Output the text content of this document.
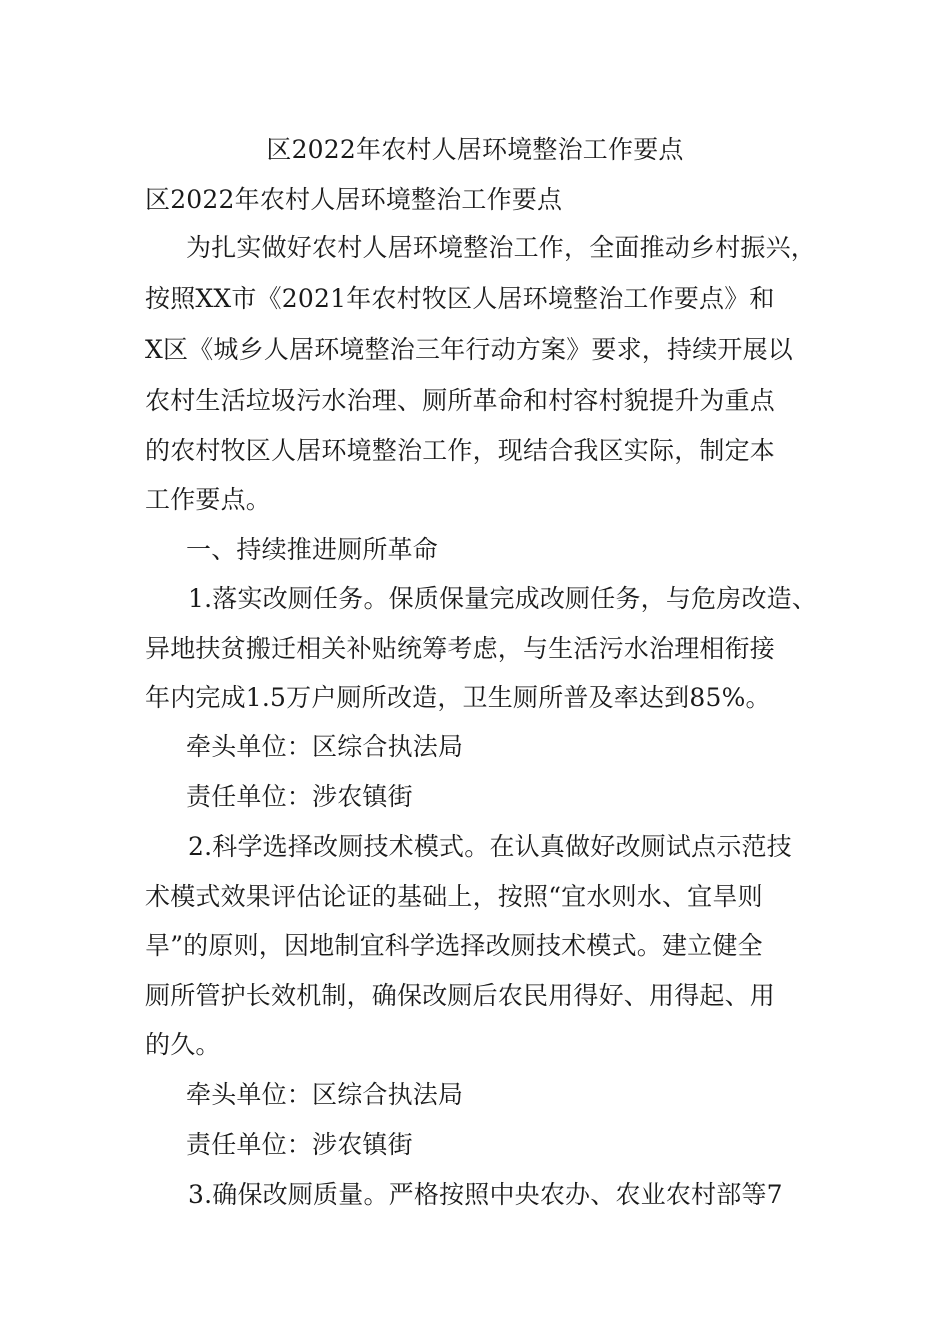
区2022年农村人居环境整治工作要点
区2022年农村人居环境整治工作要点
为扎实做好农村人居环境整治工作，全面推动乡村振兴，
按照XX市《2021年农村牧区人居环境整治工作要点》和
X区《城乡人居环境整治三年行动方案》要求，持续开展以
农村生活垃圾污水治理、厕所革命和村容村貌提升为重点
的农村牧区人居环境整治工作，现结合我区实际，制定本
工作要点。
一、持续推进厕所革命
1.落实改厕任务。保质保量完成改厕任务，与危房改造、
异地扶贫搬迁相关补贴统筹考虑，与生活污水治理相衔接
年内完成1.5万户厕所改造，卫生厕所普及率达到85%。
牵头单位：区综合执法局
责任单位：涉农镇街
2.科学选择改厕技术模式。在认真做好改厕试点示范技
术模式效果评估论证的基础上，按照“宜水则水、宜旱则
旱”的原则，因地制宜科学选择改厕技术模式。建立健全
厕所管护长效机制，确保改厕后农民用得好、用得起、用
的久。
牵头单位：区综合执法局
责任单位：涉农镇街
3.确保改厕质量。严格按照中央农办、农业农村部等7
